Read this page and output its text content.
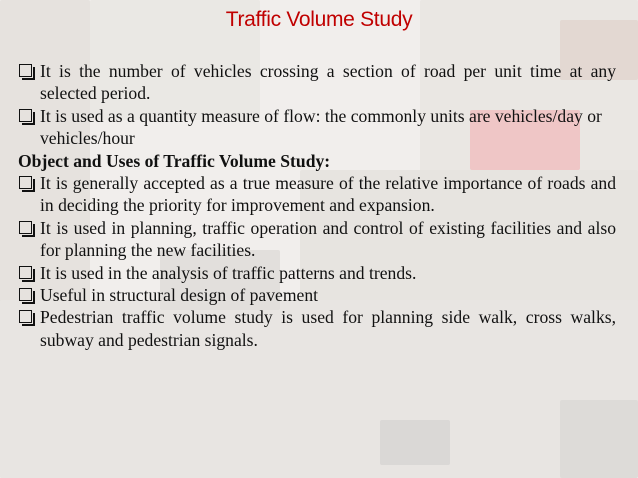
Traffic Volume Study
It is the number of vehicles crossing a section of road per unit time at any selected period.
It is used as a quantity measure of flow: the commonly units are vehicles/day or vehicles/hour
Object and Uses of Traffic Volume Study:
It is generally accepted as a true measure of the relative importance of roads and in deciding the priority for improvement and expansion.
It is used in planning, traffic operation and control of existing facilities and also for planning the new facilities.
It is used in the analysis of traffic patterns and trends.
Useful in structural design of pavement
Pedestrian traffic volume study is used for planning side walk, cross walks, subway and pedestrian signals.
